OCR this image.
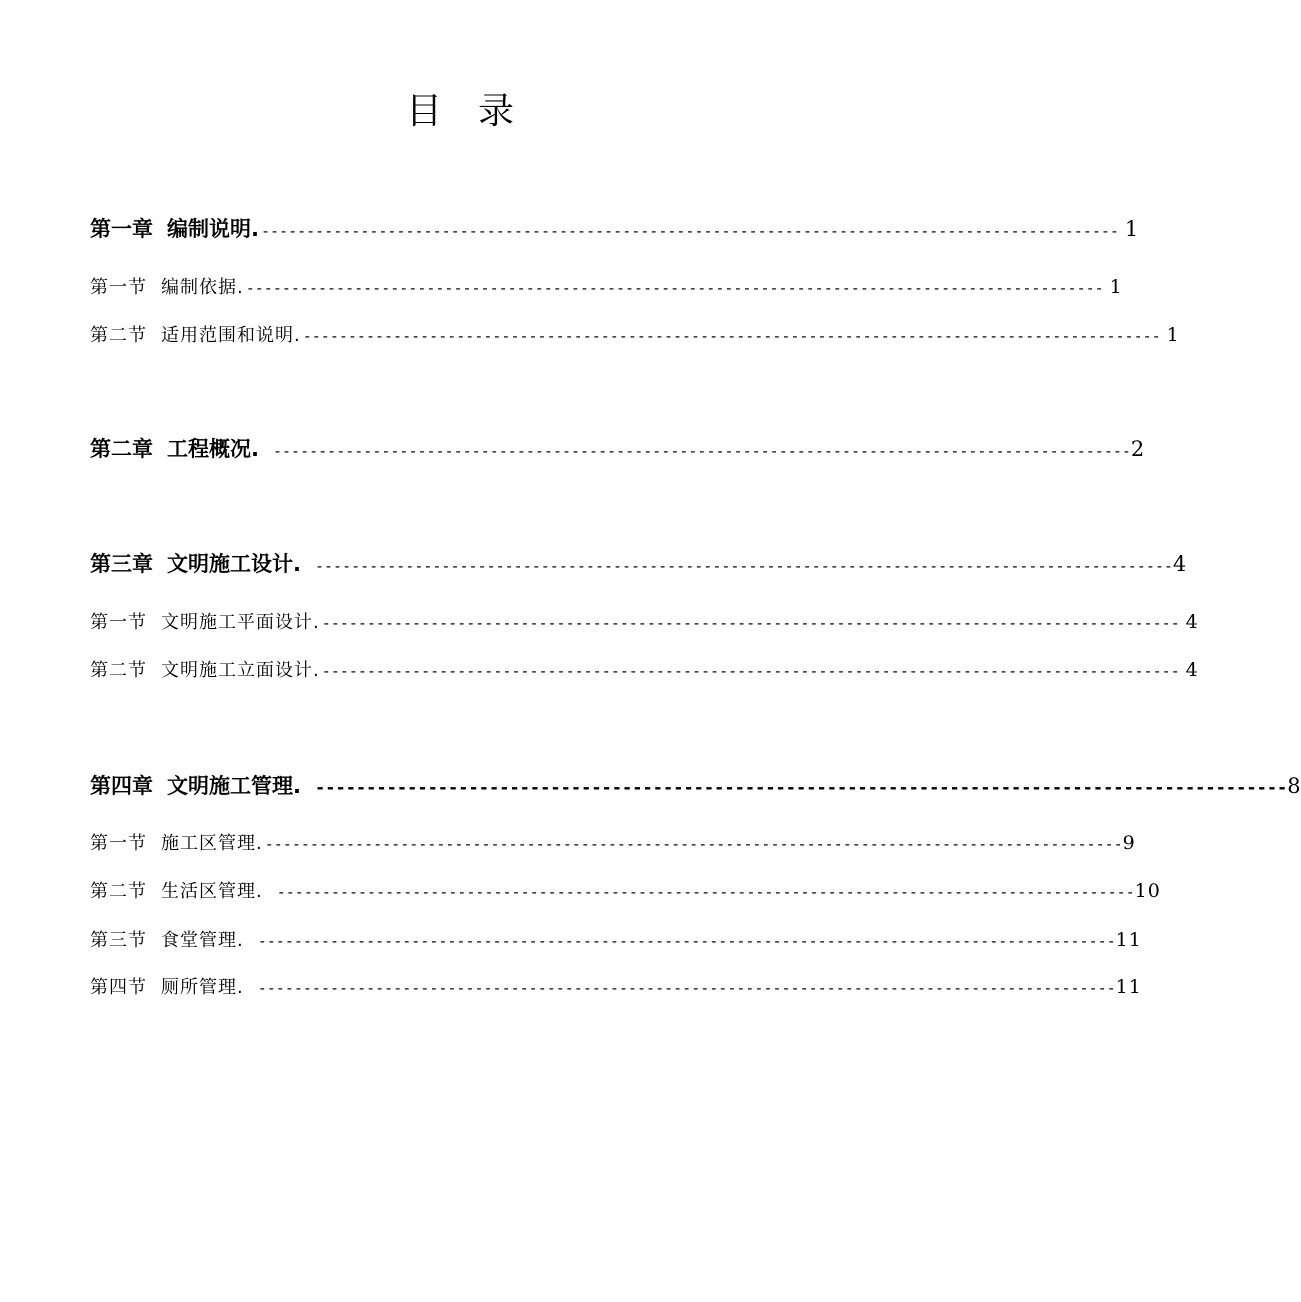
目　录
第一章 编制说明. ----------------------------------------------------------------------------------------------- 1
第一节 编制依据. ----------------------------------------------------------------------------------------------- 1
第二节 适用范围和说明. ----------------------------------------------------------------------------------------------- 1
第二章 工程概况. ----------------------------------------------------------------------------------------------- 2
第三章 文明施工设计. ----------------------------------------------------------------------------------------------- 4
第一节 文明施工平面设计. ----------------------------------------------------------------------------------------------- 4
第二节 文明施工立面设计. ----------------------------------------------------------------------------------------------- 4
第四章 文明施工管理. ----------------------------------------------------------------------------------------------- 8
第一节 施工区管理. ----------------------------------------------------------------------------------------------- 9
第二节 生活区管理. ----------------------------------------------------------------------------------------------- 10
第三节 食堂管理. ----------------------------------------------------------------------------------------------- 11
第四节 厕所管理. ----------------------------------------------------------------------------------------------- 11
